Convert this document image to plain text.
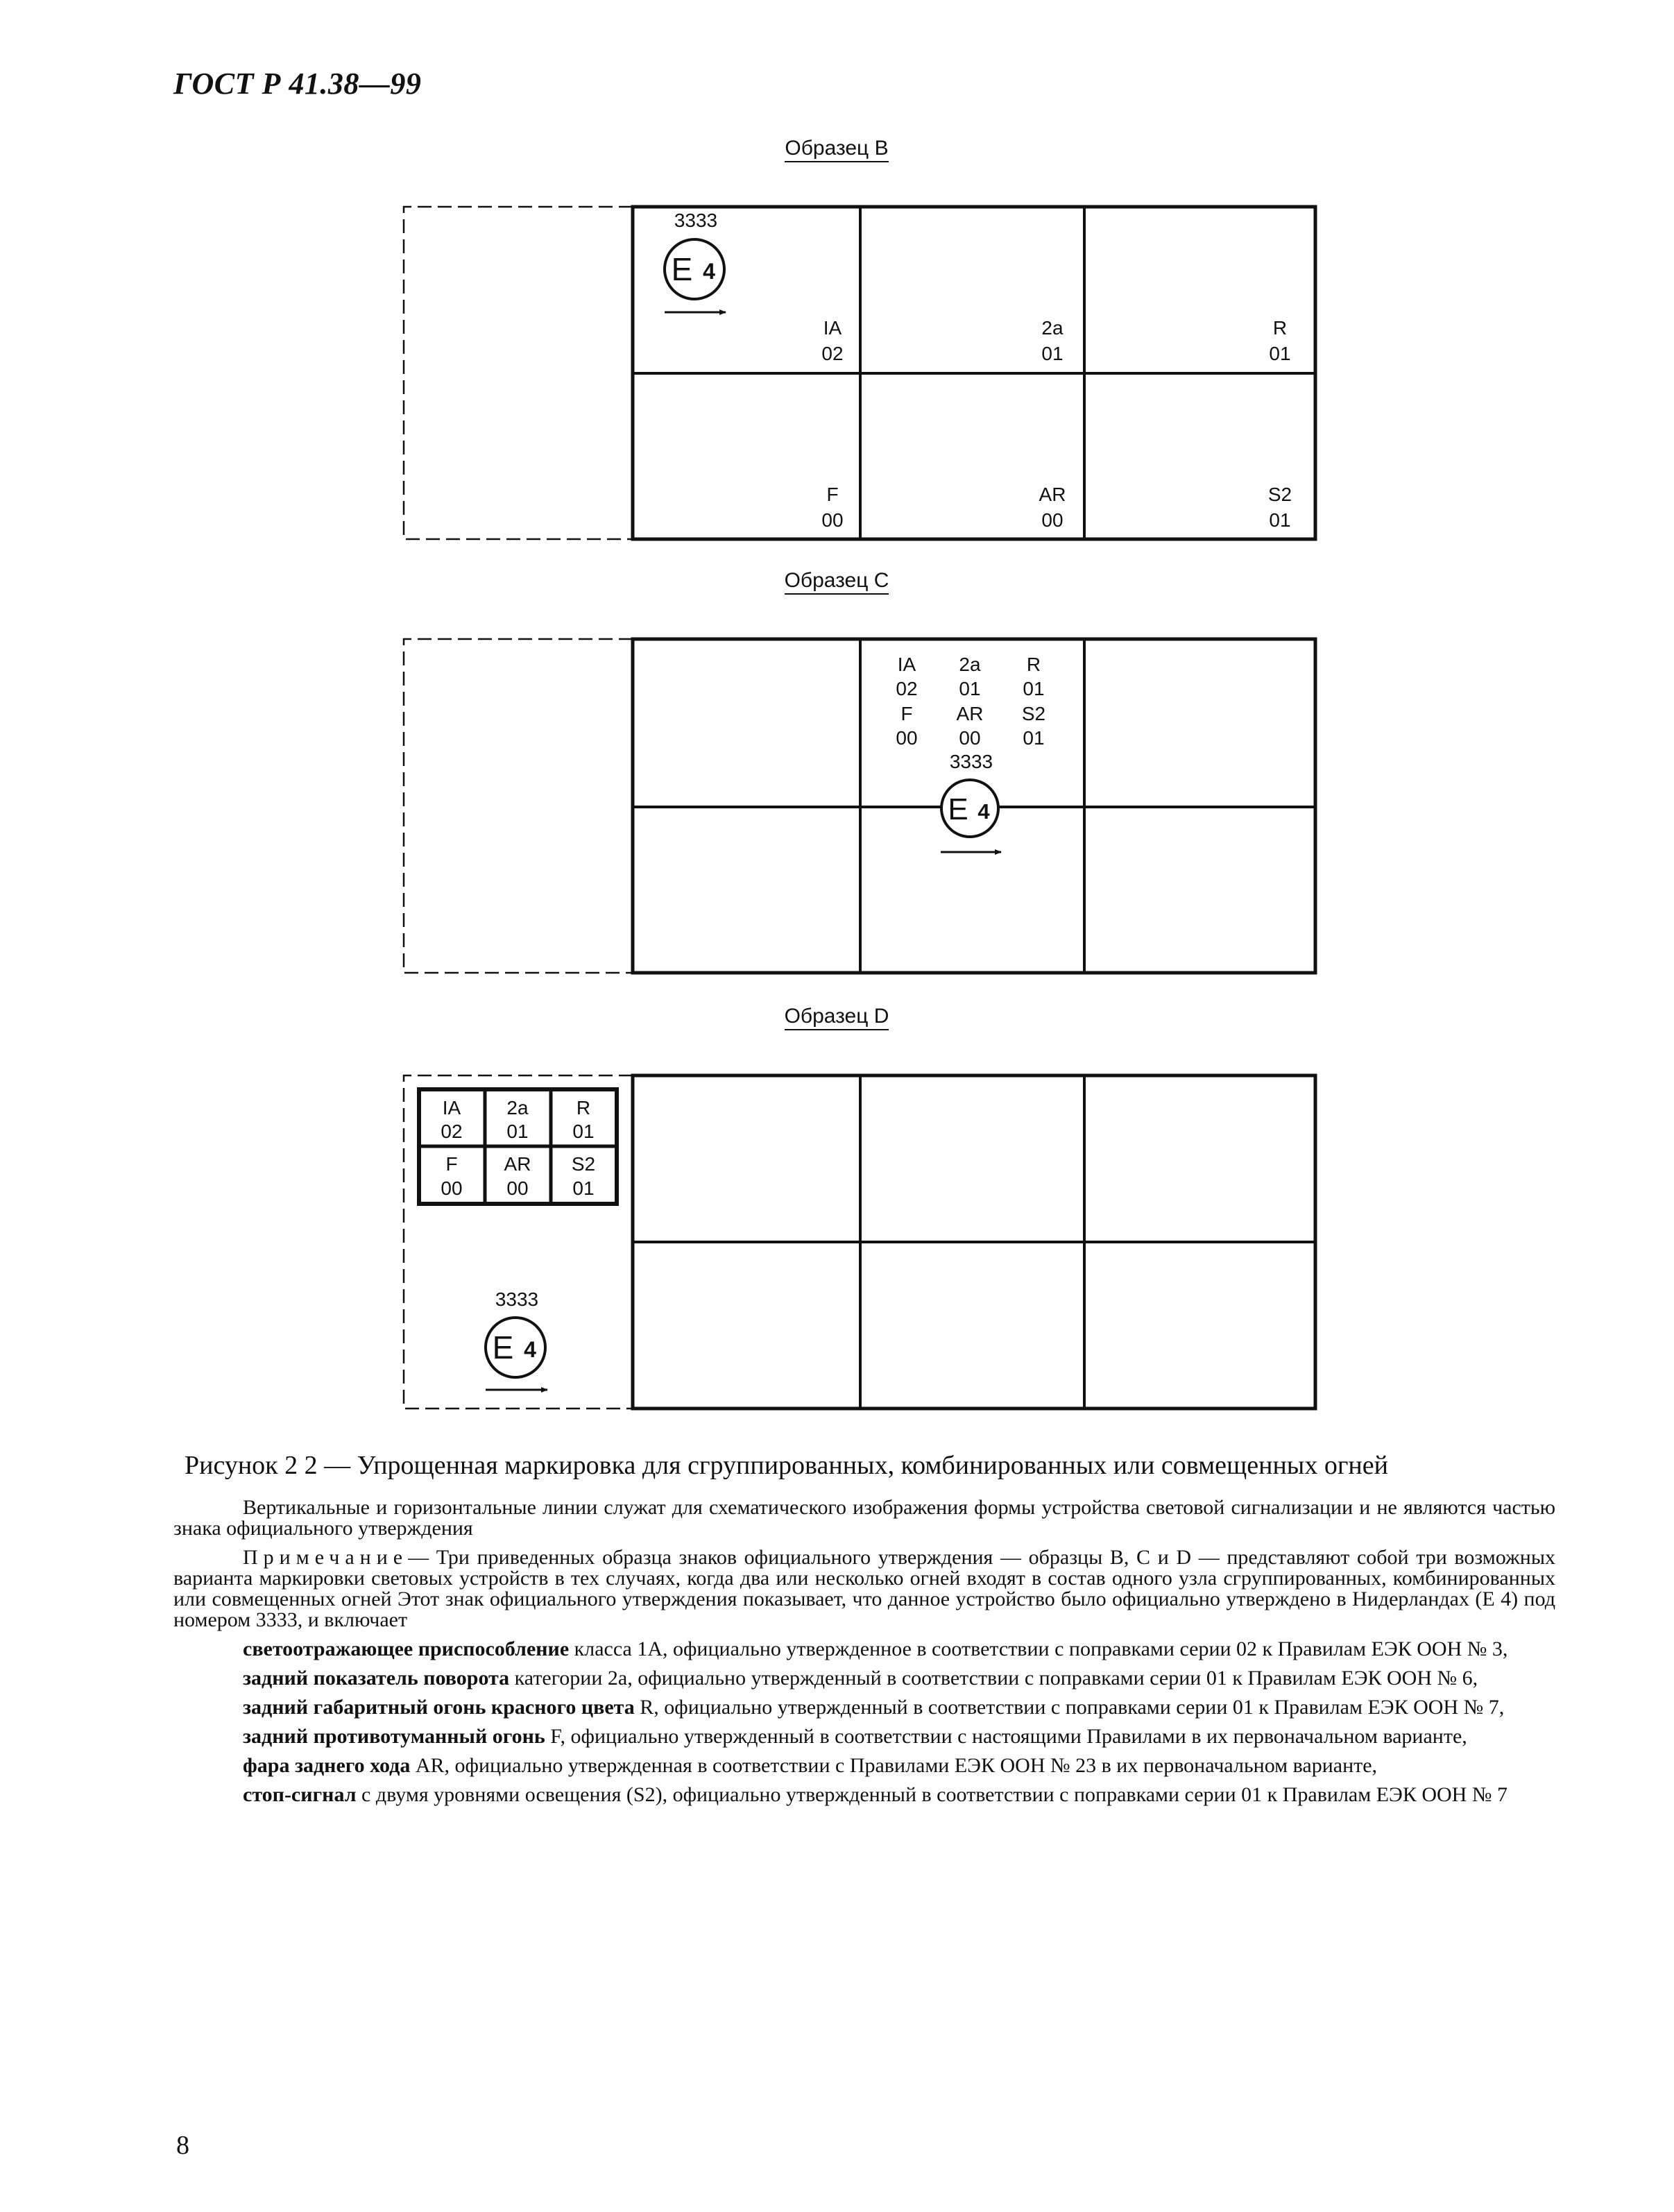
ГОСТ Р 41.38—99
Образец B
Образец C
Образец D
3333
E 4
IA
02
2a
01
R
01
F
00
AR
00
S2
01
IA 2a R
02 01 01
F AR S2
00 00 01
3333
E 4
IA
02
2a
01
R
01
F
00
AR
00
S2
01
3333
E 4

Рисунок 2 2 — Упрощенная маркировка для сгруппированных, комбинированных или совмещенных огней

Вертикальные и горизонтальные линии служат для схематического изображения формы устройства световой сигнализации и не являются частью знака официального утверждения

Примечание— Три приведенных образца знаков официального утверждения — образцы B, C и D — представляют собой три возможных варианта маркировки световых устройств в тех случаях, когда два или несколько огней входят в состав одного узла сгруппированных, комбинированных или совмещенных огней Этот знак официального утверждения показывает, что данное устройство было официально утверждено в Нидерландах (E 4) под номером 3333, и включает

светоотражающее приспособление класса 1A, официально утвержденное в соответствии с поправками серии 02 к Правилам ЕЭК ООН № 3,

задний показатель поворота категории 2a, официально утвержденный в соответствии с поправками серии 01 к Правилам ЕЭК ООН № 6,

задний габаритный огонь красного цвета R, официально утвержденный в соответствии с поправками серии 01 к Правилам ЕЭК ООН № 7,

задний противотуманный огонь F, официально утвержденный в соответствии с настоящими Правилами в их первоначальном варианте,

фара заднего хода AR, официально утвержденная в соответствии с Правилами ЕЭК ООН № 23 в их первоначальном варианте,

стоп-сигнал с двумя уровнями освещения (S2), официально утвержденный в соответствии с поправками серии 01 к Правилам ЕЭК ООН № 7

8
